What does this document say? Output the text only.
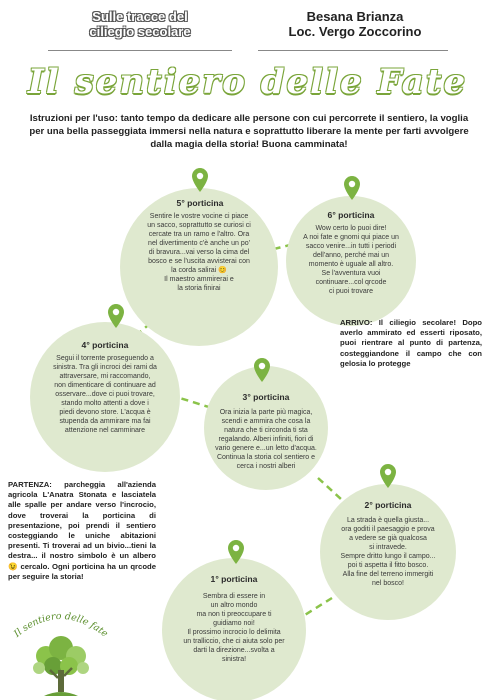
Sulle tracce del
ciliegio secolare
Besana Brianza
Loc. Vergo Zoccorino
Il sentiero delle Fate
Istruzioni per l'uso: tanto tempo da dedicare alle persone con cui percorrete il sentiero, la voglia per una bella passeggiata immersi nella natura e soprattutto liberare la mente per farti avvolgere dalla magia della storia! Buona camminata!
5° porticina
Sentire le vostre vocine ci piace
un sacco, soprattutto se curiosi ci
cercate tra un ramo e l'altro. Ora
nel divertimento c'è anche un po'
di bravura...vai verso la cima del
bosco e se l'uscita avvisterai con
la corda salirai 😊
Il maestro ammirerai e
la storia finirai
6° porticina
Wow certo lo puoi dire!
A noi fate e gnomi qui piace un
sacco venire...in tutti i periodi
dell'anno, perché mai un
momento è uguale all altro.
Se l'avventura vuoi
continuare...col qrcode
ci puoi trovare
4° porticina
Segui il torrente proseguendo a
sinistra. Tra gli incroci dei rami da
attraversare, mi raccomando,
non dimenticare di continuare ad
osservare...dove ci puoi trovare,
stando molto attenti a dove i
piedi devono store. L'acqua è
stupenda da ammirare ma fai
attenzione nel camminare
3° porticina
Ora inizia la parte più magica,
scendi e ammira che cosa la
natura che ti circonda ti sta
regalando. Alberi infiniti, fiori di
vario genere e...un letto d'acqua.
Continua la storia col sentiero e
cerca i nostri alberi
2° porticina
La strada è quella giusta...
ora goditi il paesaggio e prova
a vedere se già qualcosa
si intravede.
Sempre dritto lungo il campo...
poi ti aspetta il fitto bosco.
Alla fine del terreno immergiti
nel bosco!
1° porticina
Sembra di essere in
un altro mondo
ma non ti preoccupare ti
guidiamo noi!
Il prossimo incrocio lo delimita
un tralliccio, che ci aiuta solo per
darti la direzione...svolta a
sinistra!
ARRIVO: Il ciliegio secolare! Dopo averlo ammirato ed esserti riposato, puoi rientrare al punto di partenza, costeggiandone il campo che con gelosia lo protegge
PARTENZA: parcheggia all'azienda agricola L'Anatra Stonata e lasciatela alle spalle per andare verso l'incrocio, dove troverai la porticina di presentazione, poi prendi il sentiero costeggiando le uniche abitazioni presenti. Ti troverai ad un bivio...tieni la destra... il nostro simbolo è un albero 😉 cercalo. Ogni porticina ha un qrcode per seguire la storia!
Il sentiero delle fate
